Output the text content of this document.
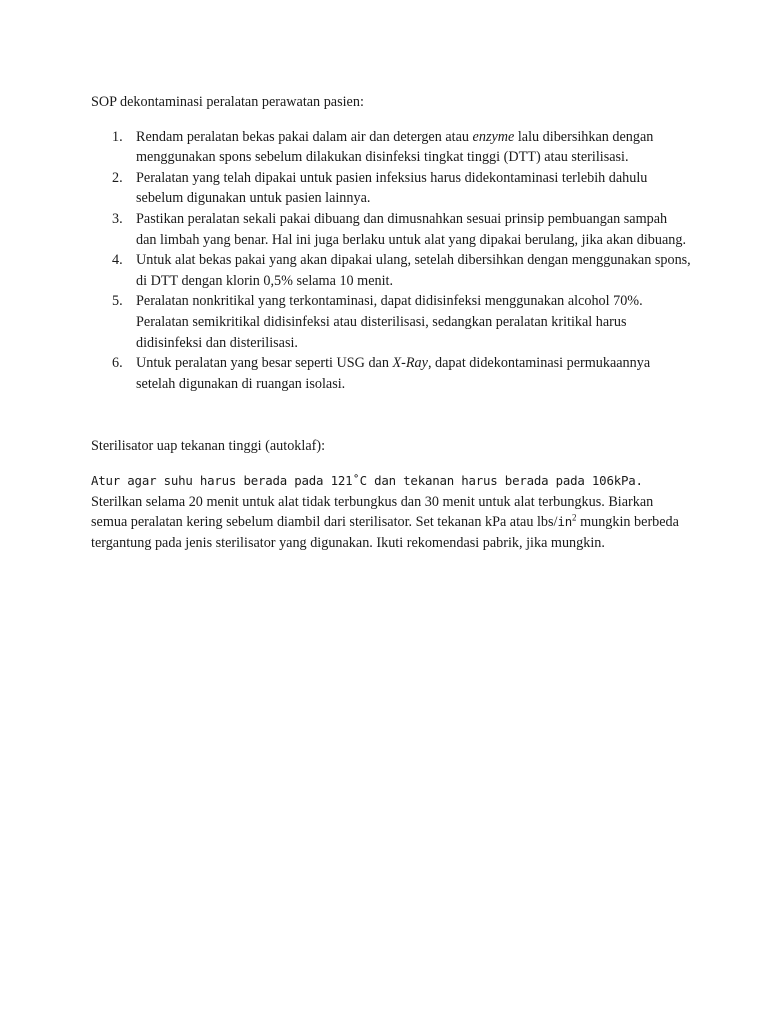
SOP dekontaminasi peralatan perawatan pasien:

1. Rendam peralatan bekas pakai dalam air dan detergen atau enzyme lalu dibersihkan dengan menggunakan spons sebelum dilakukan disinfeksi tingkat tinggi (DTT) atau sterilisasi.
2. Peralatan yang telah dipakai untuk pasien infeksius harus didekontaminasi terlebih dahulu sebelum digunakan untuk pasien lainnya.
3. Pastikan peralatan sekali pakai dibuang dan dimusnahkan sesuai prinsip pembuangan sampah dan limbah yang benar. Hal ini juga berlaku untuk alat yang dipakai berulang, jika akan dibuang.
4. Untuk alat bekas pakai yang akan dipakai ulang, setelah dibersihkan dengan menggunakan spons, di DTT dengan klorin 0,5% selama 10 menit.
5. Peralatan nonkritikal yang terkontaminasi, dapat didisinfeksi menggunakan alcohol 70%. Peralatan semikritikal didisinfeksi atau disterilisasi, sedangkan peralatan kritikal harus didisinfeksi dan disterilisasi.
6. Untuk peralatan yang besar seperti USG dan X-Ray, dapat didekontaminasi permukaannya setelah digunakan di ruangan isolasi.

Sterilisator uap tekanan tinggi (autoklaf):

Atur agar suhu harus berada pada 121˚C dan tekanan harus berada pada 106kPa. Sterilkan selama 20 menit untuk alat tidak terbungkus dan 30 menit untuk alat terbungkus. Biarkan semua peralatan kering sebelum diambil dari sterilisator. Set tekanan kPa atau lbs/$in^2$ mungkin berbeda tergantung pada jenis sterilisator yang digunakan. Ikuti rekomendasi pabrik, jika mungkin.
